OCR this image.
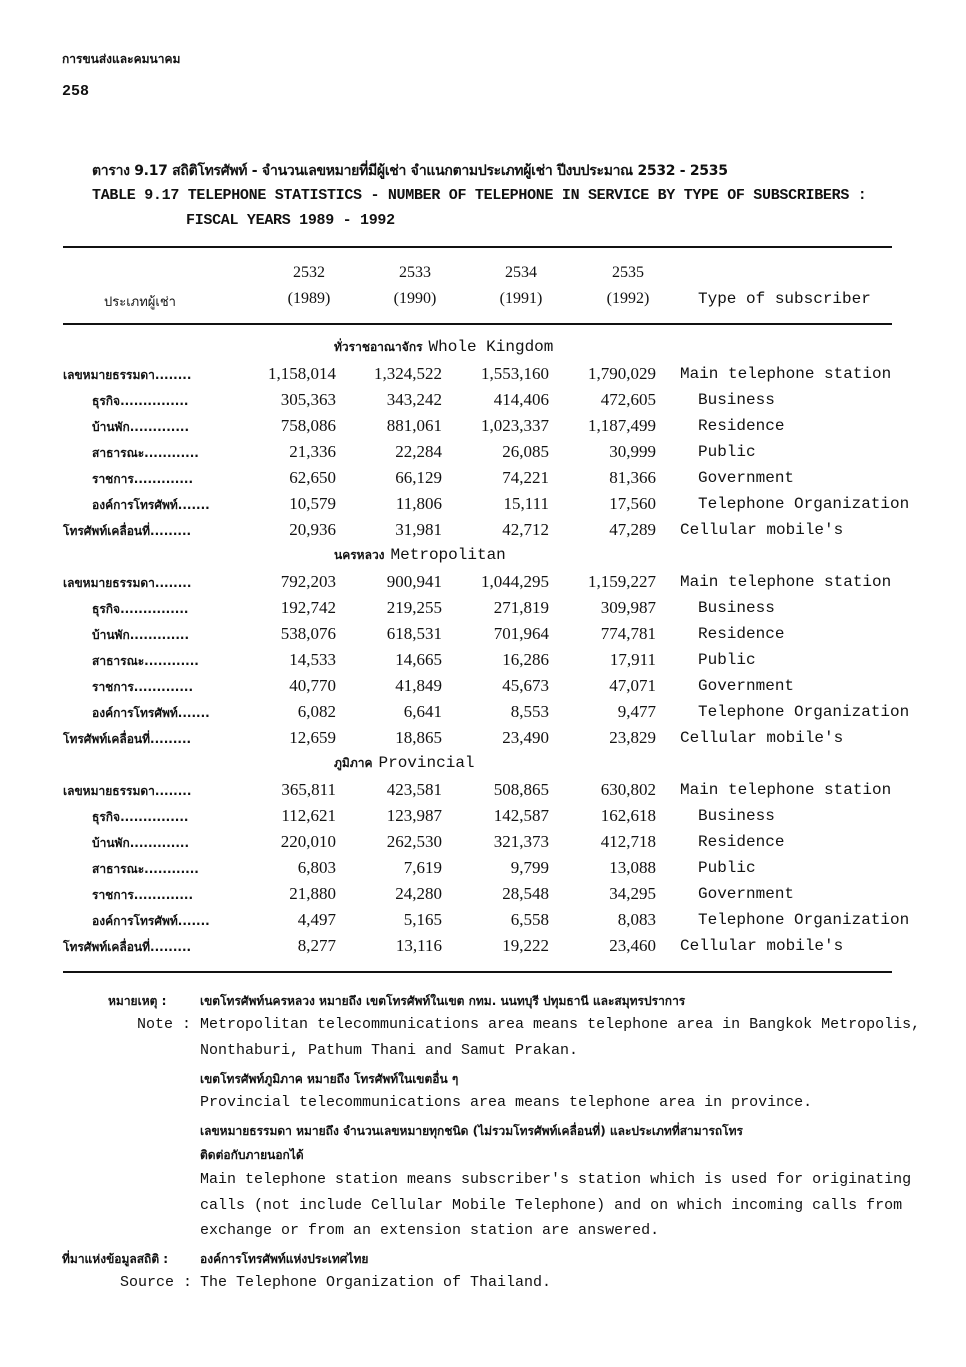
การขนส่งและคมนาคม
258
ตาราง 9.17 สถิติโทรศัพท์ - จำนวนเลขหมายที่มีผู้เช่า จำแนกตามประเภทผู้เช่า ปีงบประมาณ 2532 - 2535
TABLE 9.17 TELEPHONE STATISTICS - NUMBER OF TELEPHONE IN SERVICE BY TYPE OF SUBSCRIBERS :
FISCAL YEARS 1989 - 1992
2532
(1989)
2533
(1990)
2534
(1991)
2535
(1992)
ประเภทผู้เช่า	Type of subscriber
ทั่วราชอาณาจักร Whole Kingdom
เลขหมายธรรมดา........	1,158,014	1,324,522	1,553,160	1,790,029 Main telephone station
ธุรกิจ...............	305,363	343,242	414,406	472,605	Business
บ้านพัก.............	758,086	881,061	1,023,337	1,187,499	Residence
สาธารณะ............	21,336	22,284	26,085	30,999	Public
ราชการ.............	62,650	66,129	74,221	81,366	Government
องค์การโทรศัพท์.......	10,579	11,806	15,111	17,560	Telephone Organization
โทรศัพท์เคลื่อนที่.........	20,936	31,981	42,712	47,289 Cellular mobile's
นครหลวง Metropolitan
เลขหมายธรรมดา........	792,203	900,941	1,044,295	1,159,227 Main telephone station
ธุรกิจ...............	192,742	219,255	271,819	309,987	Business
บ้านพัก.............	538,076	618,531	701,964	774,781	Residence
สาธารณะ............	14,533	14,665	16,286	17,911	Public
ราชการ.............	40,770	41,849	45,673	47,071	Government
องค์การโทรศัพท์.......	6,082	6,641	8,553	9,477	Telephone Organization
โทรศัพท์เคลื่อนที่.........	12,659	18,865	23,490	23,829 Cellular mobile's
ภูมิภาค Provincial
เลขหมายธรรมดา........	365,811	423,581	508,865	630,802 Main telephone station
ธุรกิจ...............	112,621	123,987	142,587	162,618	Business
บ้านพัก.............	220,010	262,530	321,373	412,718	Residence
สาธารณะ............	6,803	7,619	9,799	13,088	Public
ราชการ.............	21,880	24,280	28,548	34,295	Government
องค์การโทรศัพท์.......	4,497	5,165	6,558	8,083	Telephone Organization
โทรศัพท์เคลื่อนที่.........	8,277	13,116	19,222	23,460 Cellular mobile's
หมายเหตุ :	เขตโทรศัพท์นครหลวง หมายถึง เขตโทรศัพท์ในเขต กทม. นนทบุรี ปทุมธานี และสมุทรปราการ
Note : Metropolitan telecommunications area means telephone area in Bangkok Metropolis,
Nonthaburi, Pathum Thani and Samut Prakan.
เขตโทรศัพท์ภูมิภาค หมายถึง โทรศัพท์ในเขตอื่น ๆ
Provincial telecommunications area means telephone area in province.
เลขหมายธรรมดา หมายถึง จำนวนเลขหมายทุกชนิด (ไม่รวมโทรศัพท์เคลื่อนที่) และประเภทที่สามารถโทร
ติดต่อกับภายนอกได้
Main telephone station means subscriber's station which is used for originating
calls (not include Cellular Mobile Telephone) and on which incoming calls from
exchange or from an extension station are answered.
ที่มาแห่งข้อมูลสถิติ :	องค์การโทรศัพท์แห่งประเทศไทย
Source : The Telephone Organization of Thailand.
